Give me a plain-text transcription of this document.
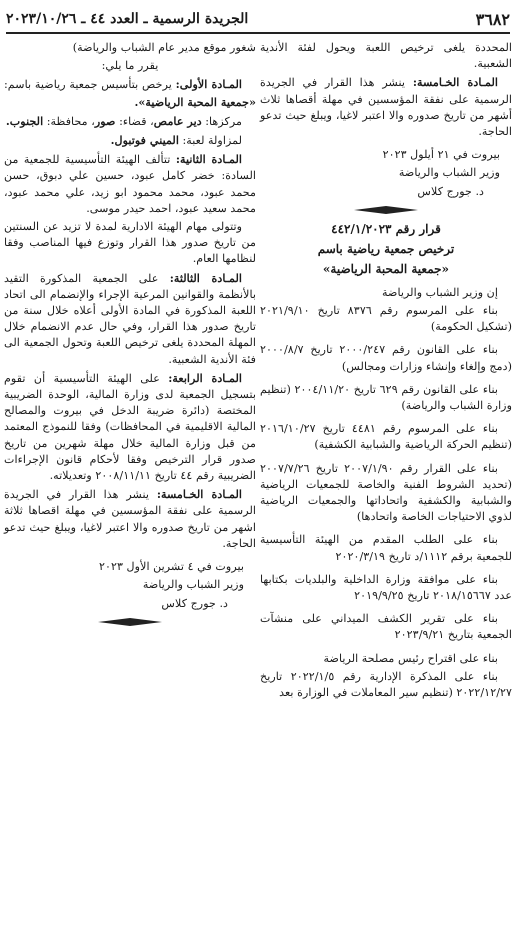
٣٦٨٢
الجريدة الرسمية ـ العدد ٤٤ ـ ٢٠٢٣/١٠/٢٦

المحددة يلغى ترخيص اللعبة ويحول لفئة الأندية الشعبية.

المـادة الخـامسة: ينشر هذا القرار في الجريدة الرسمية على نفقة المؤسسين في مهلة أقصاها ثلاث أشهر من تاريخ صدوره والا اعتبر لاغيا، ويبلغ حيث تدعو الحاجة.

بيروت في ٢١ أيلول ٢٠٢٣

وزير الشباب والرياضة

د. جورج كلاس

قرار رقم ٤٤٢/١/٢٠٢٣

ترخيص جمعية رياضية باسم

«جمعية المحبة الرياضية»

إن وزير الشباب والرياضة

بناء على المرسوم رقم ٨٣٧٦ تاريخ ٢٠٢١/٩/١٠ (تشكيل الحكومة)

بناء على القانون رقم ٢٠٠٠/٢٤٧ تاريخ ٢٠٠٠/٨/٧ (دمج وإلغاء وإنشاء وزارات ومجالس)

بناء على القانون رقم ٦٢٩ تاريخ ٢٠٠٤/١١/٢٠ (تنظيم وزارة الشباب والرياضة)

بناء على المرسوم رقم ٤٤٨١ تاريخ ٢٠١٦/١٠/٢٧ (تنظيم الحركة الرياضية والشبابية الكشفية)

بناء على القرار رقم ٢٠٠٧/١/٩٠ تاريخ ٢٠٠٧/٧/٢٦ (تحديد الشروط الفنية والخاصة للجمعيات الرياضية والشبابية والكشفية واتحاداتها والجمعيات الرياضية لذوي الاحتياجات الخاصة واتحادها)

بناء على الطلب المقدم من الهيئة التأسيسية للجمعية برقم ١١١٢/د تاريخ ٢٠٢٠/٣/١٩

بناء على موافقة وزارة الداخلية والبلديات بكتابها عدد ٢٠١٨/١٥٦٦٧ تاريخ ٢٠١٩/٩/٢٥

بناء على تقرير الكشف الميداني على منشآت الجمعية بتاريخ ٢٠٢٣/٩/٢١

بناء على اقتراح رئيس مصلحة الرياضة

بناء على المذكرة الإدارية رقم ٢٠٢٢/١/٥ تاريخ ٢٠٢٢/١٢/٢٧ (تنظيم سير المعاملات في الوزارة بعد

شغور موقع مدير عام الشباب والرياضة)

يقرر ما يلي:

المـادة الأولى: يرخص بتأسيس جمعية رياضية باسم: «جمعية المحبة الرياضية».

مركزها: دير عامص، قضاء: صور، محافظة: الجنوب.

لمزاولة لعبة: الميني فوتبول.

المـادة الثانية: تتألف الهيئة التأسيسية للجمعية من السادة: خضر كامل عبود، حسين علي دبوق، حسن محمد عبود، محمد محمود ابو زيد، علي محمد عبود، محمد سعيد عبود، احمد حيدر موسى.

وتتولى مهام الهيئة الادارية لمدة لا تزيد عن السنتين من تاريخ صدور هذا القرار وتوزع فيها المناصب وفقا لنظامها العام.

المـادة الثالثة: على الجمعية المذكورة التقيد بالأنظمة والقوانين المرعية الإجراء والإنضمام الى اتحاد اللعبة المذكورة في المادة الأولى أعلاه خلال سنة من تاريخ صدور هذا القرار، وفي حال عدم الانضمام خلال المهلة المحددة يلغى ترخيص اللعبة وتحول الجمعية الى فئة الأندية الشعبية.

المـادة الرابعة: على الهيئة التأسيسية أن تقوم بتسجيل الجمعية لدى وزارة المالية، الوحدة الضريبية المختصة (دائرة ضريبة الدخل في بيروت والمصالح المالية الاقليمية في المحافظات) وفقا للنموذج المعتمد من قبل وزارة المالية خلال مهلة شهرين من تاريخ صدور قرار الترخيص وفقا لأحكام قانون الإجراءات الضريبية رقم ٤٤ تاريخ ٢٠٠٨/١١/١١ وتعديلاته.

المـادة الخـامسة: ينشر هذا القرار في الجريدة الرسمية على نفقة المؤسسين في مهلة اقصاها ثلاثة اشهر من تاريخ صدوره والا اعتبر لاغيا، ويبلغ حيث تدعو الحاجة.

بيروت في ٤ تشرين الأول ٢٠٢٣

وزير الشباب والرياضة

د. جورج كلاس
